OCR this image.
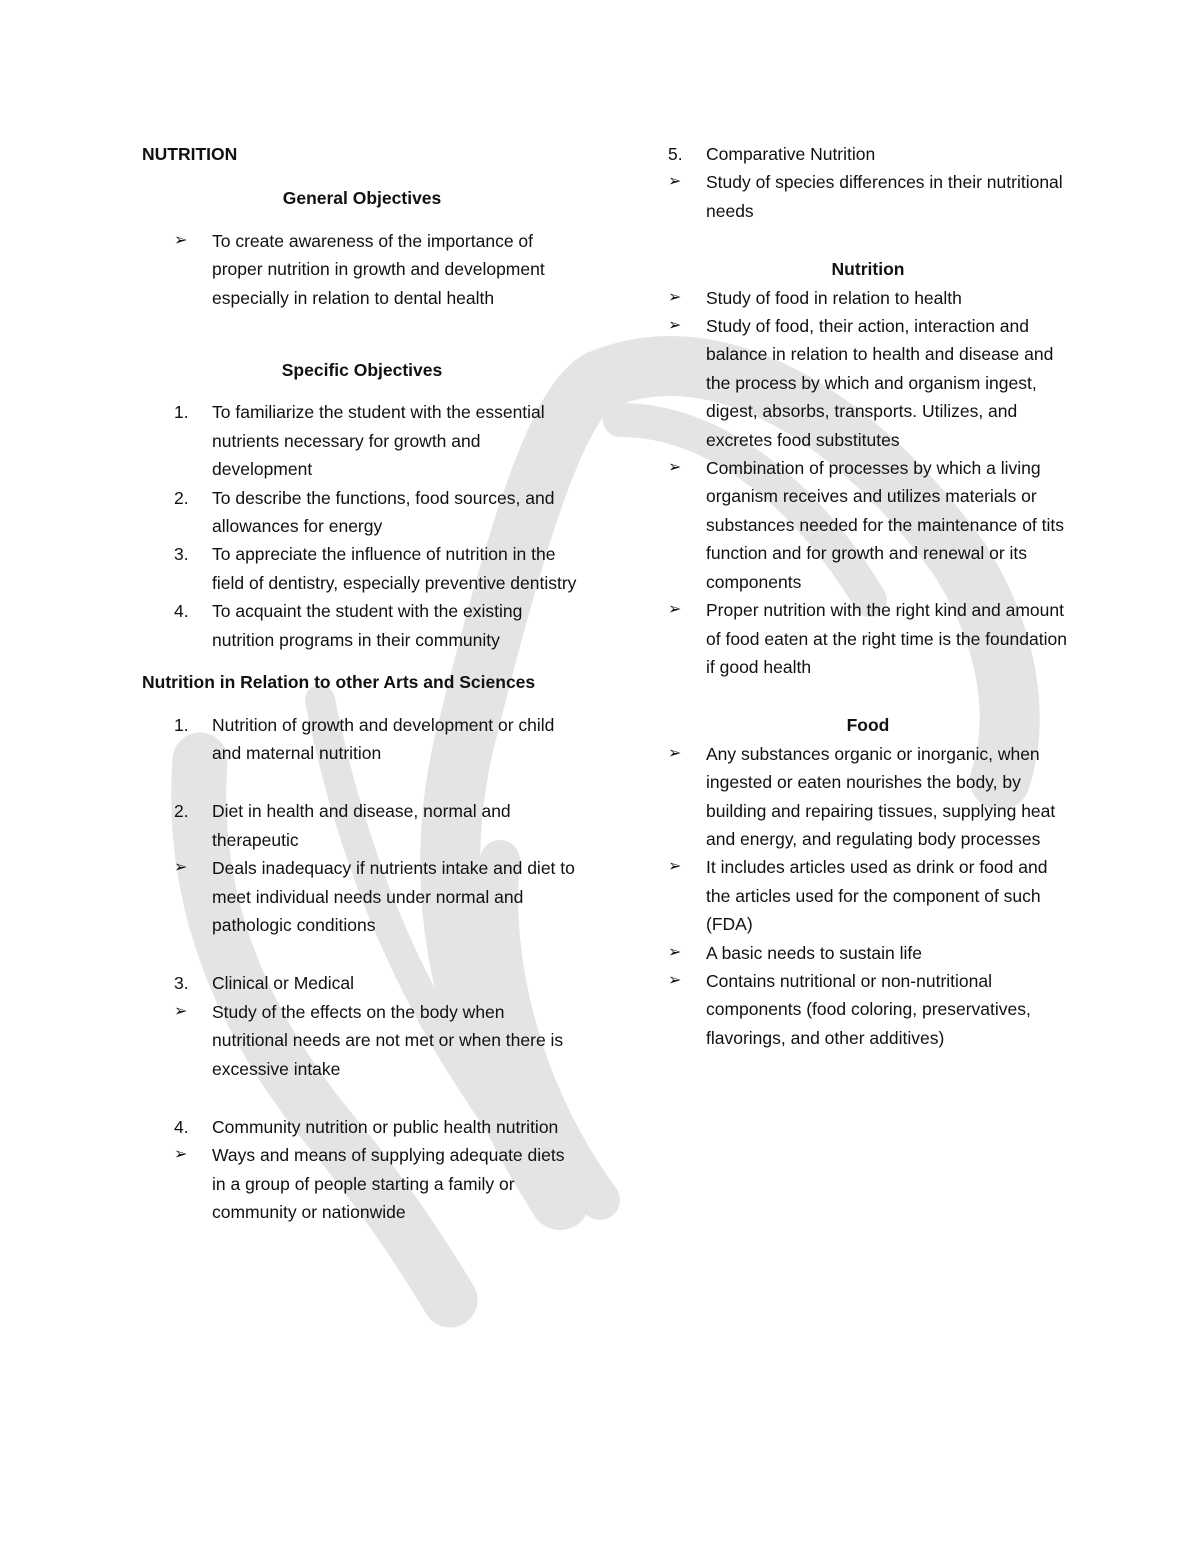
NUTRITION
General Objectives
➢ To create awareness of the importance of proper nutrition in growth and development especially in relation to dental health
Specific Objectives
1. To familiarize the student with the essential nutrients necessary for growth and development
2. To describe the functions, food sources, and allowances for energy
3. To appreciate the influence of nutrition in the field of dentistry, especially preventive dentistry
4. To acquaint the student with the existing nutrition programs in their community
Nutrition in Relation to other Arts and Sciences
1. Nutrition of growth and development or child and maternal nutrition
2. Diet in health and disease, normal and therapeutic
➢ Deals inadequacy if nutrients intake and diet to meet individual needs under normal and pathologic conditions
3. Clinical or Medical
➢ Study of the effects on the body when nutritional needs are not met or when there is excessive intake
4. Community nutrition or public health nutrition
➢ Ways and means of supplying adequate diets in a group of people starting a family or community or nationwide
5. Comparative Nutrition
➢ Study of species differences in their nutritional needs
Nutrition
➢ Study of food in relation to health
➢ Study of food, their action, interaction and balance in relation to health and disease and the process by which and organism ingest, digest, absorbs, transports. Utilizes, and excretes food substitutes
➢ Combination of processes by which a living organism receives and utilizes materials or substances needed for the maintenance of tits function and for growth and renewal or its components
➢ Proper nutrition with the right kind and amount of food eaten at the right time is the foundation if good health
Food
➢ Any substances organic or inorganic, when ingested or eaten nourishes the body, by building and repairing tissues, supplying heat and energy, and regulating body processes
➢ It includes articles used as drink or food and the articles used for the component of such (FDA)
➢ A basic needs to sustain life
➢ Contains nutritional or non-nutritional components (food coloring, preservatives, flavorings, and other additives)
